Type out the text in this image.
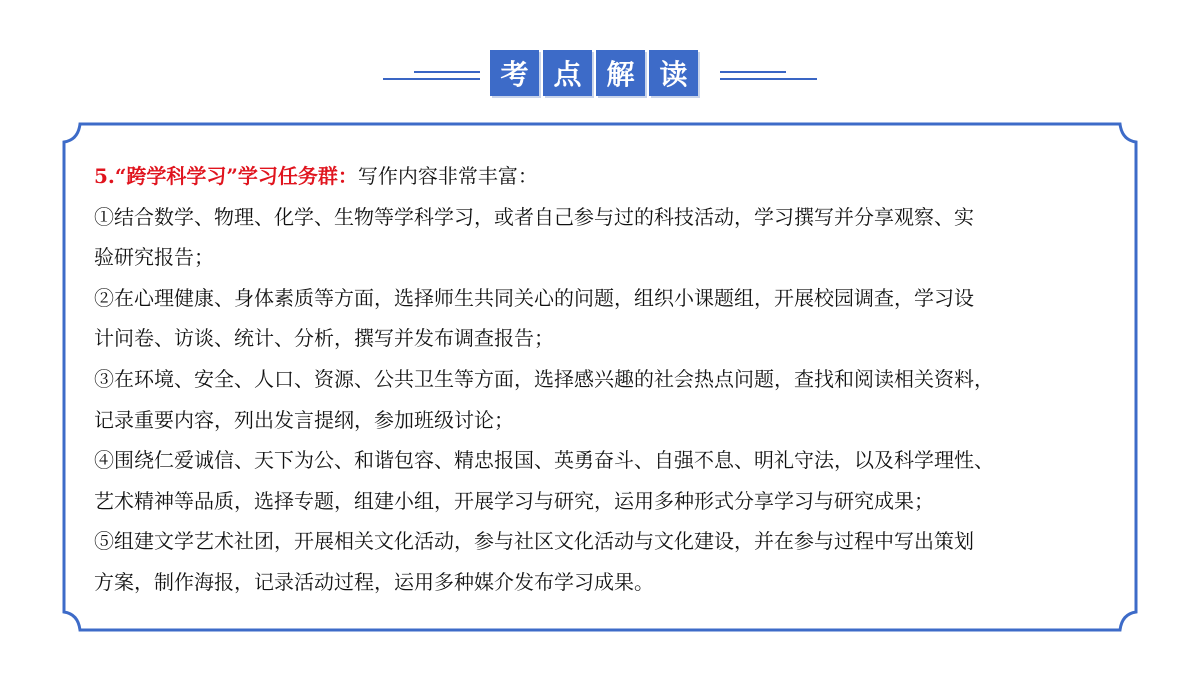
考 点 解 读

5.“跨学科学习”学习任务群：写作内容非常丰富：

①结合数学、物理、化学、生物等学科学习，或者自己参与过的科技活动，学习撰写并分享观察、实

验研究报告；

②在心理健康、身体素质等方面，选择师生共同关心的问题，组织小课题组，开展校园调查，学习设

计问卷、访谈、统计、分析，撰写并发布调查报告；

③在环境、安全、人口、资源、公共卫生等方面，选择感兴趣的社会热点问题，查找和阅读相关资料，

记录重要内容，列出发言提纲，参加班级讨论；

④围绕仁爱诚信、天下为公、和谐包容、精忠报国、英勇奋斗、自强不息、明礼守法，以及科学理性、

艺术精神等品质，选择专题，组建小组，开展学习与研究，运用多种形式分享学习与研究成果；

⑤组建文学艺术社团，开展相关文化活动，参与社区文化活动与文化建设，并在参与过程中写出策划

方案，制作海报，记录活动过程，运用多种媒介发布学习成果。
